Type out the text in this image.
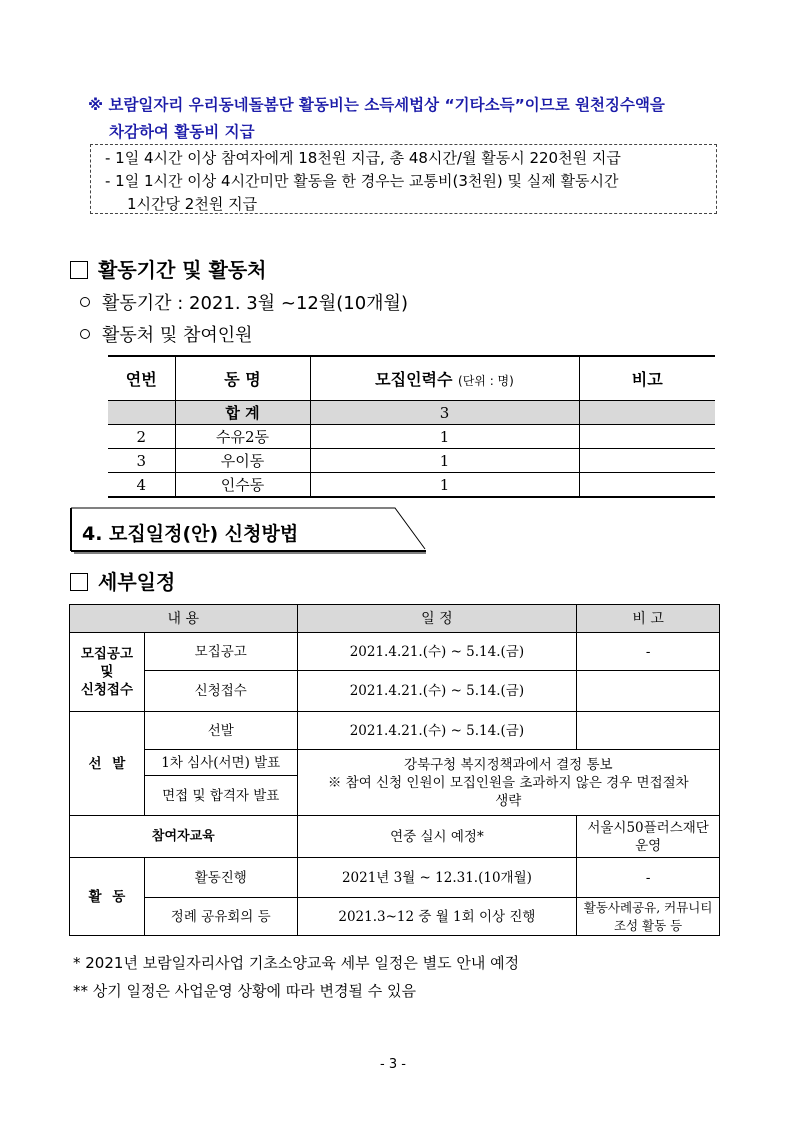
※ 보람일자리 우리동네돌봄단 활동비는 소득세법상 “기타소득”이므로 원천징수액을
차감하여 활동비 지급
- 1일 4시간 이상 참여자에게 18천원 지급, 총 48시간/월 활동시 220천원 지급
- 1일 1시간 이상 4시간미만 활동을 한 경우는 교통비(3천원) 및 실제 활동시간
1시간당 2천원 지급
활동기간 및 활동처
활동기간 : 2021. 3월 ~12월(10개월)
활동처 및 참여인원
연번	동 명	모집인력수 (단위 : 명)	비고
	합 계	3	
2	수유2동	1	
3	우이동	1	
4	인수동	1	
4. 모집일정(안) 신청방법
세부일정
내 용		일 정	비 고
모집공고
및
신청접수	모집공고	2021.4.21.(수) ~ 5.14.(금)	-
	신청접수	2021.4.21.(수) ~ 5.14.(금)	
선 발	선발	2021.4.21.(수) ~ 5.14.(금)	
	1차 심사(서면) 발표	강북구청 복지정책과에서 결정 통보
※ 참여 신청 인원이 모집인원을 초과하지 않은 경우 면접절차
생략	

	면접 및 합격자 발표		
참여자교육		연중 실시 예정*	서울시50플러스재단
운영
활 동	활동진행	2021년 3월 ~ 12.31.(10개월)	-
	정례 공유회의 등	2021.3~12 중 월 1회 이상 진행	활동사례공유, 커뮤니티
조성 활동 등
* 2021년 보람일자리사업 기초소양교육 세부 일정은 별도 안내 예정
** 상기 일정은 사업운영 상황에 따라 변경될 수 있음
- 3 -
